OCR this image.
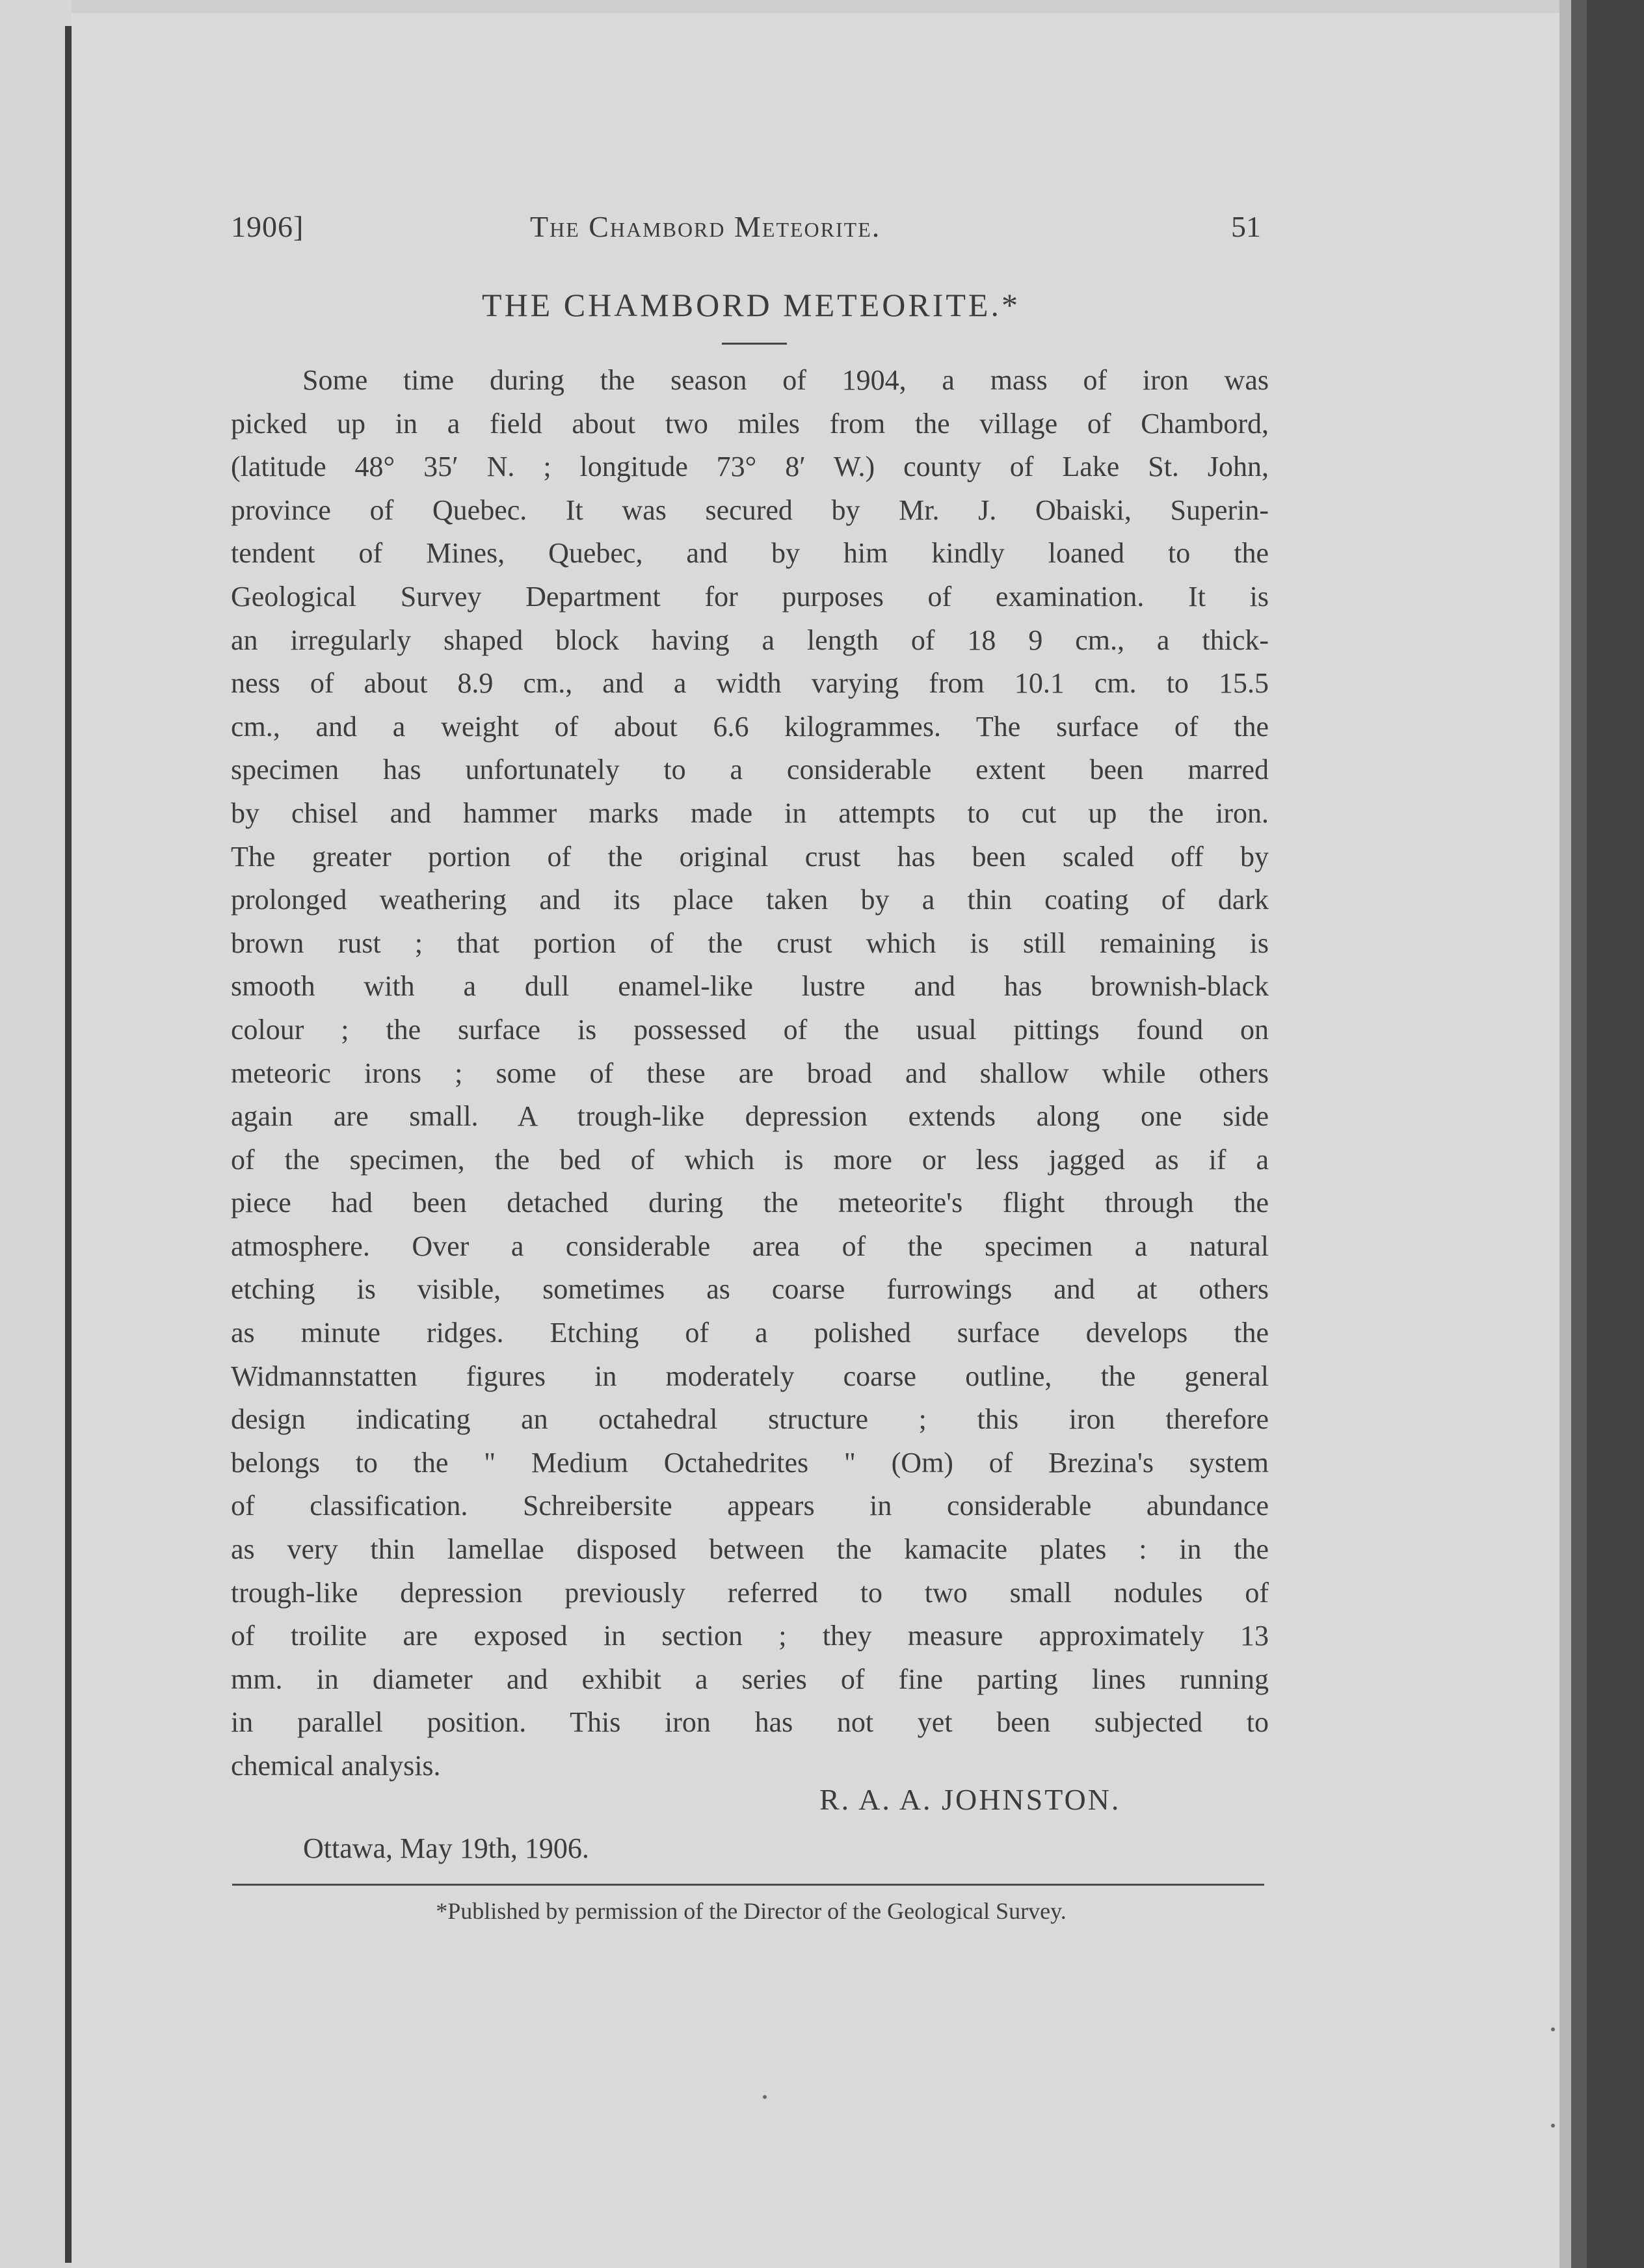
1906]	The Chambord Meteorite.	51
THE CHAMBORD METEORITE.*
Some time during the season of 1904, a mass of iron was
picked up in a field about two miles from the village of Chambord,
(latitude 48° 35′ N. ; longitude 73° 8′ W.) county of Lake St. John,
province of Quebec. It was secured by Mr. J. Obaiski, Superin-
tendent of Mines, Quebec, and by him kindly loaned to the
Geological Survey Department for purposes of examination. It is
an irregularly shaped block having a length of 18 9 cm., a thick-
ness of about 8.9 cm., and a width varying from 10.1 cm. to 15.5
cm., and a weight of about 6.6 kilogrammes. The surface of the
specimen has unfortunately to a considerable extent been marred
by chisel and hammer marks made in attempts to cut up the iron.
The greater portion of the original crust has been scaled off by
prolonged weathering and its place taken by a thin coating of dark
brown rust ; that portion of the crust which is still remaining is
smooth with a dull enamel-like lustre and has brownish-black
colour ; the surface is possessed of the usual pittings found on
meteoric irons ; some of these are broad and shallow while others
again are small. A trough-like depression extends along one side
of the specimen, the bed of which is more or less jagged as if a
piece had been detached during the meteorite's flight through the
atmosphere. Over a considerable area of the specimen a natural
etching is visible, sometimes as coarse furrowings and at others
as minute ridges. Etching of a polished surface develops the
Widmannstatten figures in moderately coarse outline, the general
design indicating an octahedral structure ; this iron therefore
belongs to the " Medium Octahedrites " (Om) of Brezina's system
of classification. Schreibersite appears in considerable abundance
as very thin lamellae disposed between the kamacite plates : in the
trough-like depression previously referred to two small nodules of
of troilite are exposed in section ; they measure approximately 13
mm. in diameter and exhibit a series of fine parting lines running
in parallel position. This iron has not yet been subjected to
chemical analysis.
R. A. A. JOHNSTON.
Ottawa, May 19th, 1906.
*Published by permission of the Director of the Geological Survey.
